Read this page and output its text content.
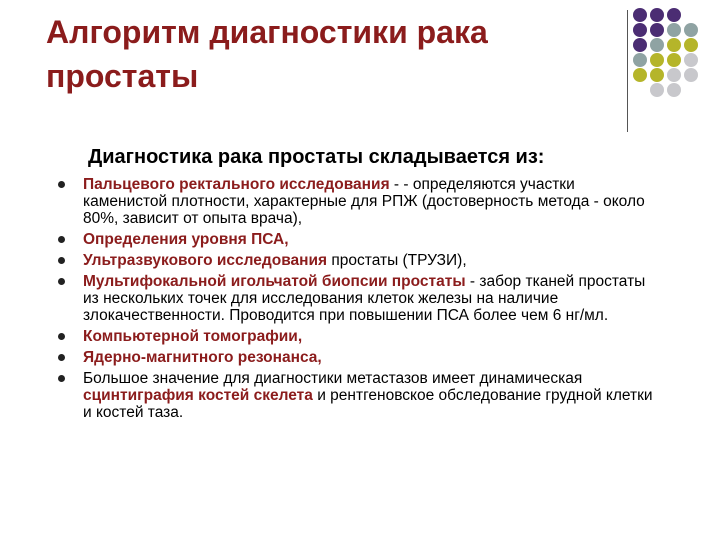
Алгоритм диагностики рака простаты

Диагностика рака простаты складывается из:

Пальцевого ректального исследования - - определяются участки каменистой плотности, характерные для РПЖ (достоверность метода - около 80%, зависит от опыта врача),
Определения уровня ПСА,
Ультразвукового исследования простаты (ТРУЗИ),
Мультифокальной игольчатой биопсии простаты - забор тканей простаты из нескольких точек для исследования клеток железы на наличие злокачественности. Проводится при повышении ПСА более чем 6 нг/мл.
Компьютерной томографии,
Ядерно-магнитного резонанса,
Большое значение для диагностики метастазов имеет динамическая сцинтиграфия костей скелета и рентгеновское обследование грудной клетки и костей таза.
